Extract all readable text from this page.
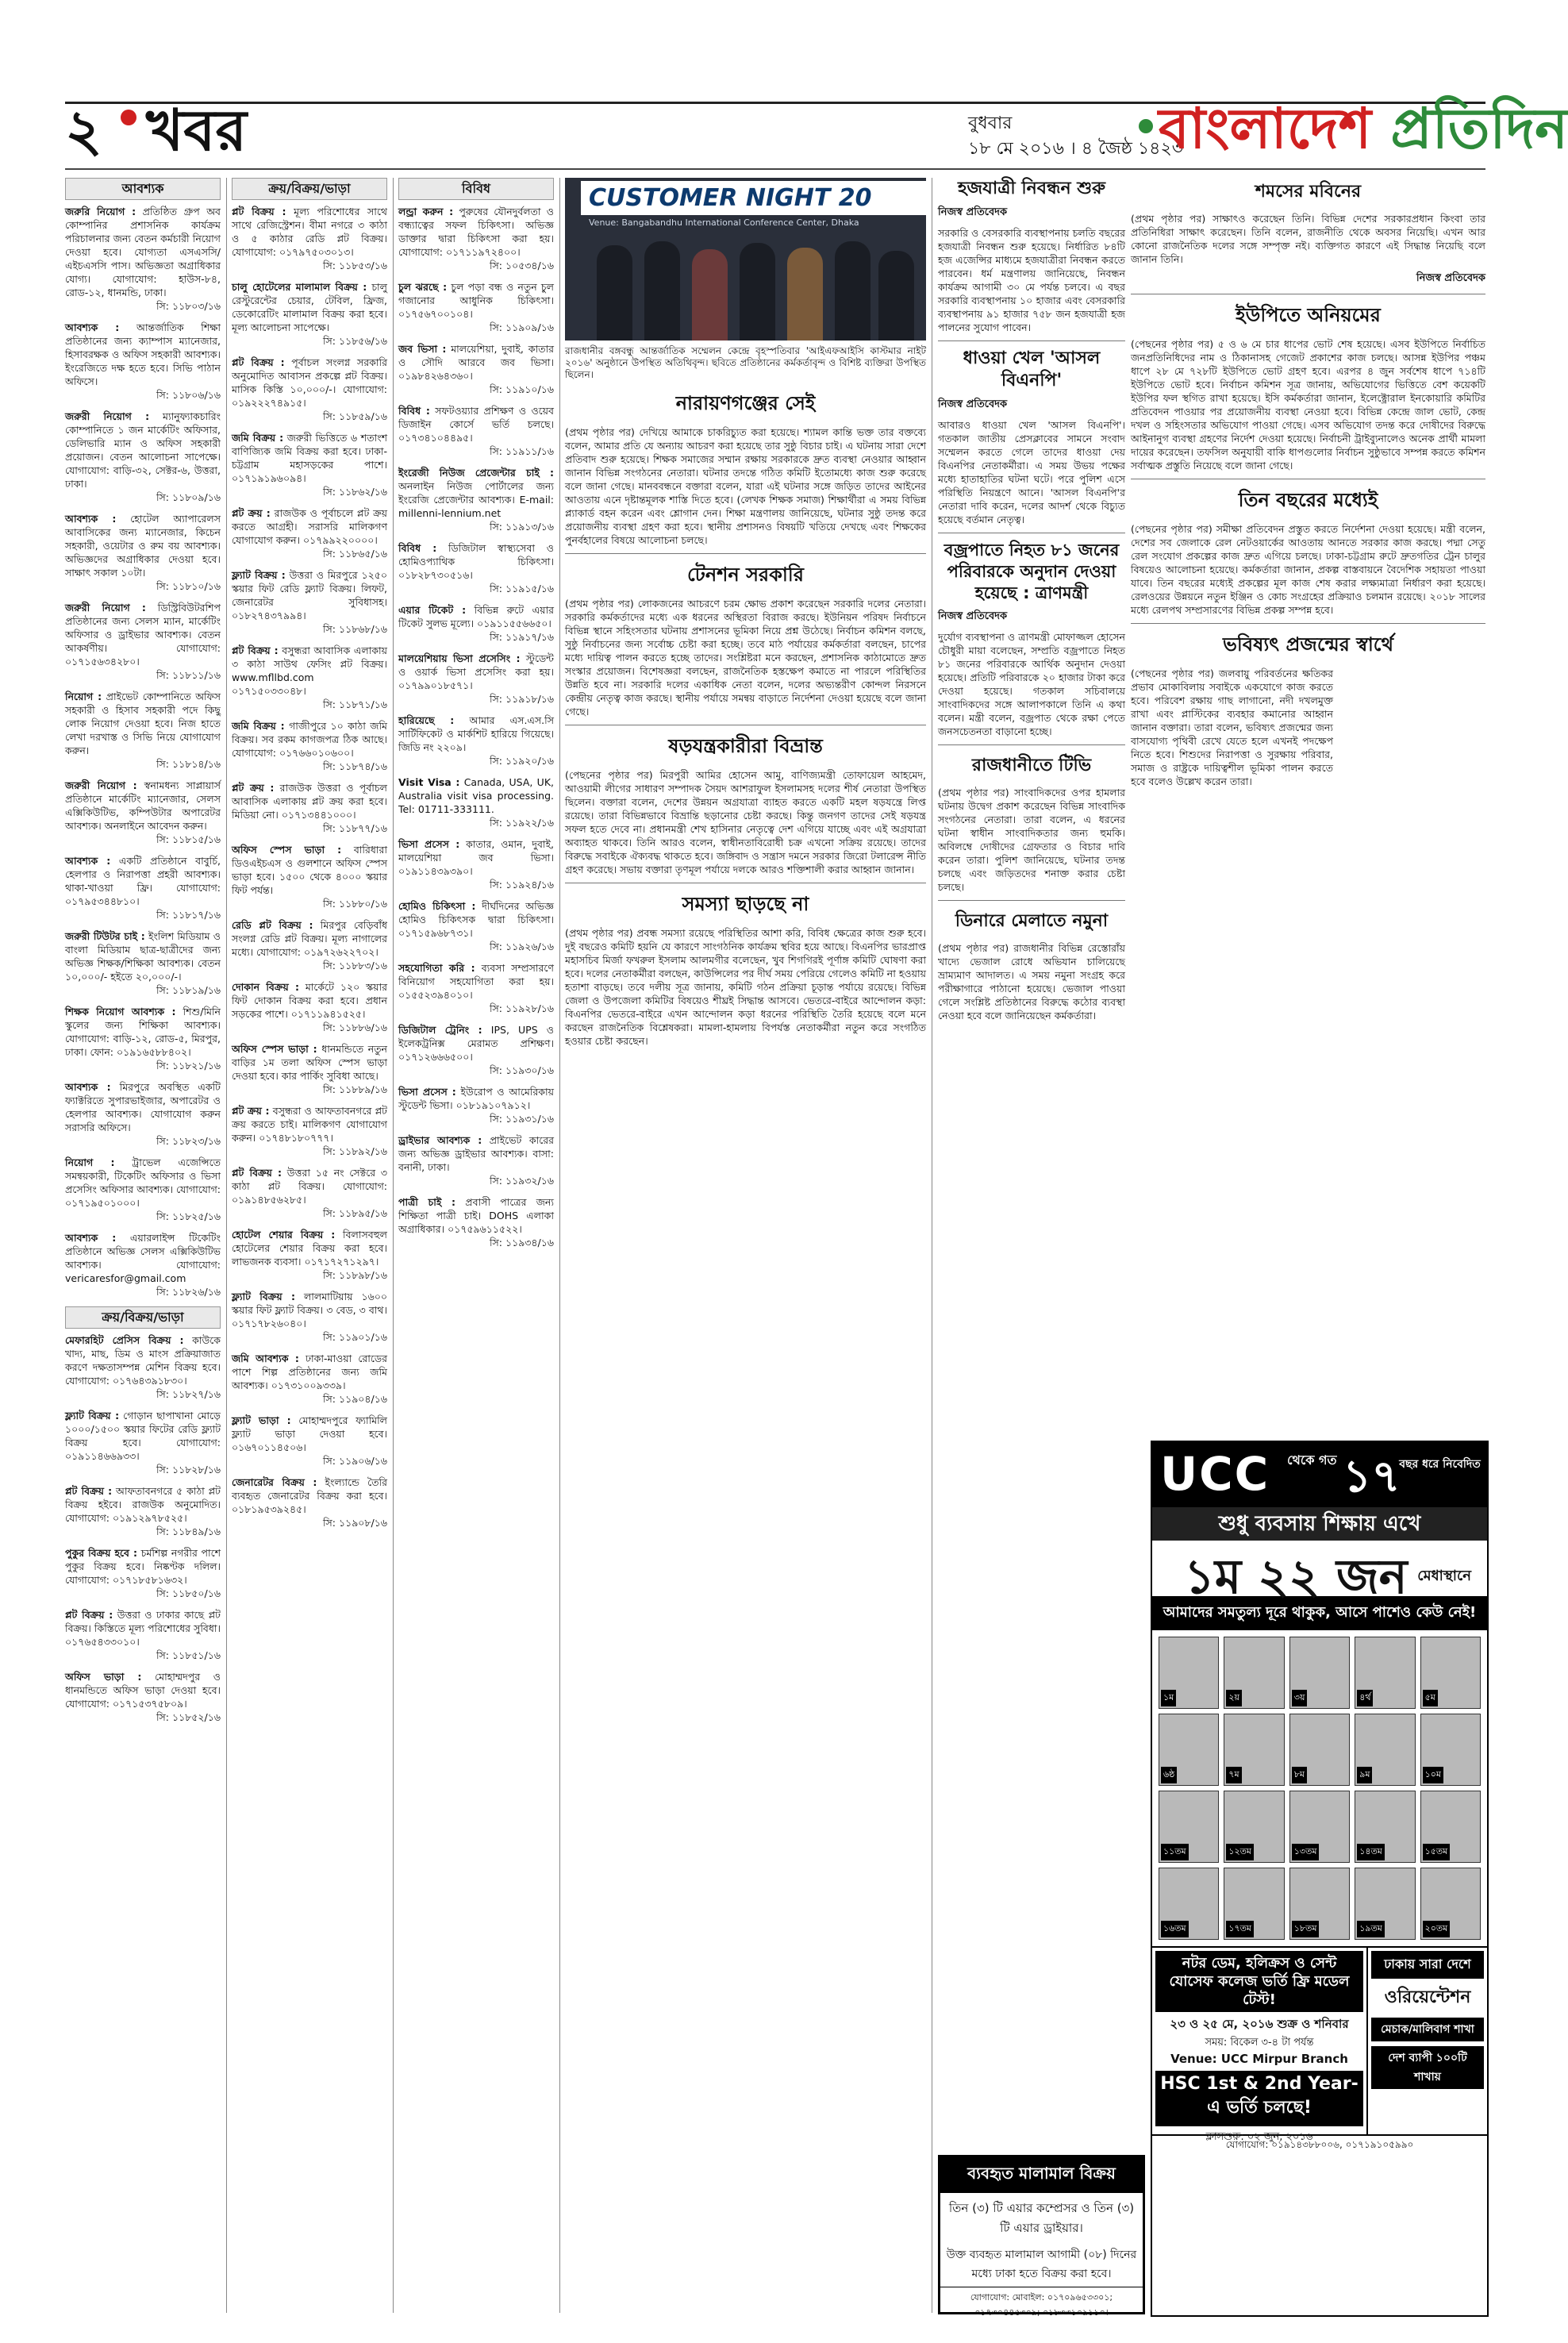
২ খবর	বুধবার
১৮ মে ২০১৬ । ৪ জৈষ্ঠ ১৪২৩
বাংলাদেশ প্রতিদিন
আবশ্যক
জরুরি নিয়োগ : প্রতিষ্ঠিত গ্রুপ অব কোম্পানির প্রশাসনিক কার্যক্রম পরিচালনার জন্য বেতন কর্মচারী নিয়োগ দেওয়া হবে। যোগ্যতা এসএসসি/এইচএসসি পাস। অভিজ্ঞতা অগ্রাধিকার যোগ্য। যোগাযোগ: হাউস-৮৪, রোড-১২, ধানমন্ডি, ঢাকা।
সি: ১১৮০৩/১৬
আবশ্যক : আন্তর্জাতিক শিক্ষা প্রতিষ্ঠানের জন্য ক্যাম্পাস ম্যানেজার, হিসাবরক্ষক ও অফিস সহকারী আবশ্যক। ইংরেজিতে দক্ষ হতে হবে। সিভি পাঠান অফিসে।
সি: ১১৮০৬/১৬
জরুরী নিয়োগ : ম্যানুফ্যাকচারিং কোম্পানিতে ১ জন মার্কেটিং অফিসার, ডেলিভারি ম্যান ও অফিস সহকারী প্রয়োজন। বেতন আলোচনা সাপেক্ষে। যোগাযোগ: বাড়ি-৩২, সেক্টর-৬, উত্তরা, ঢাকা।
সি: ১১৮০৯/১৬
আবশ্যক : হোটেল অ্যাপারেলস আবাসিকের জন্য ম্যানেজার, কিচেন সহকারী, ওয়েটার ও রুম বয় আবশ্যক। অভিজ্ঞদের অগ্রাধিকার দেওয়া হবে। সাক্ষাৎ সকাল ১০টা।
সি: ১১৮১০/১৬
জরুরী নিয়োগ : ডিস্ট্রিবিউটরশিপ প্রতিষ্ঠানের জন্য সেলস ম্যান, মার্কেটিং অফিসার ও ড্রাইভার আবশ্যক। বেতন আকর্ষণীয়। যোগাযোগ: ০১৭১৫৬৩৪২৮০।
সি: ১১৮১১/১৬
নিয়োগ : প্রাইভেট কোম্পানিতে অফিস সহকারী ও হিসাব সহকারী পদে কিছু লোক নিয়োগ দেওয়া হবে। নিজ হাতে লেখা দরখাস্ত ও সিভি নিয়ে যোগাযোগ করুন।
সি: ১১৮১৪/১৬
জরুরী নিয়োগ : স্বনামধন্য সাপ্লায়ার্স প্রতিষ্ঠানে মার্কেটিং ম্যানেজার, সেলস এক্সিকিউটিভ, কম্পিউটার অপারেটর আবশ্যক। অনলাইনে আবেদন করুন।
সি: ১১৮১৫/১৬
আবশ্যক : একটি প্রতিষ্ঠানে বাবুর্চি, হেলপার ও নিরাপত্তা প্রহরী আবশ্যক। থাকা-খাওয়া ফ্রি। যোগাযোগ: ০১৭৯৫৩৪৪৮১০।
সি: ১১৮১৭/১৬
জরুরী টিউটর চাই : ইংলিশ মিডিয়াম ও বাংলা মিডিয়াম ছাত্র-ছাত্রীদের জন্য অভিজ্ঞ শিক্ষক/শিক্ষিকা আবশ্যক। বেতন ১০,০০০/- হইতে ২০,০০০/-।
সি: ১১৮১৯/১৬
শিক্ষক নিয়োগ আবশ্যক : শিশু/মিনি স্কুলের জন্য শিক্ষিকা আবশ্যক। যোগাযোগ: বাড়ি-১২, রোড-৫, মিরপুর, ঢাকা। ফোন: ০১৯১৬৫৮৮৪০২।
সি: ১১৮২১/১৬
আবশ্যক : মিরপুরে অবস্থিত একটি ফ্যাক্টরিতে সুপারভাইজার, অপারেটর ও হেলপার আবশ্যক। যোগাযোগ করুন সরাসরি অফিসে।
সি: ১১৮২৩/১৬
নিয়োগ : ট্রাভেল এজেন্সিতে সমন্বয়কারী, টিকেটিং অফিসার ও ভিসা প্রসেসিং অফিসার আবশ্যক। যোগাযোগ: ০১৭১৯৫০১০০০।
সি: ১১৮২৫/১৬
আবশ্যক : এয়ারলাইন্স টিকেটিং প্রতিষ্ঠানে অভিজ্ঞ সেলস এক্সিকিউটিভ আবশ্যক। যোগাযোগ: vericaresfor@gmail.com
সি: ১১৮২৬/১৬
ক্রয়/বিক্রয়/ভাড়া
মেফারহিট প্রেসিস বিক্রয় : কাউকে খাদ্য, মাছ, ডিম ও মাংস প্রক্রিয়াজাত করণে দক্ষতাসম্পন্ন মেশিন বিক্রয় হবে। যোগাযোগ: ০১৭৬৪৩৯১৮৩০।
সি: ১১৮২৭/১৬
ফ্ল্যাট বিক্রয় : গোড়ান ছাপাখানা মোড়ে ১০০০/১৫০০ স্কয়ার ফিটের রেডি ফ্ল্যাট বিক্রয় হবে। যোগাযোগ: ০১৯১১৪৬৬৯৩৩।
সি: ১১৮২৮/১৬
প্লট বিক্রয় : আফতাবনগরে ৫ কাঠা প্লট বিক্রয় হইবে। রাজউক অনুমোদিত। যোগাযোগ: ০১৯১২৯৭৮৫২৫।
সি: ১১৮৪৯/১৬
পুকুর বিক্রয় হবে : চর্মশিল্প নগরীর পাশে পুকুর বিক্রয় হবে। নিষ্কণ্টক দলিল। যোগাযোগ: ০১৭১৮৫৮১৬৩২।
সি: ১১৮৫০/১৬
প্লট বিক্রয় : উত্তরা ও ঢাকার কাছে প্লট বিক্রয়। কিস্তিতে মূল্য পরিশোধের সুবিধা। ০১৭৬৫৪৩৩০১০।
সি: ১১৮৫১/১৬
অফিস ভাড়া : মোহাম্মদপুর ও ধানমন্ডিতে অফিস ভাড়া দেওয়া হবে। যোগাযোগ: ০১৭১৫৩৭৫৮০৯।
সি: ১১৮৫২/১৬
ক্রয়/বিক্রয়/ভাড়া
প্লট বিক্রয় : মূল্য পরিশোধের সাথে সাথে রেজিস্ট্রেশন। বীমা নগরে ৩ কাঠা ও ৫ কাঠার রেডি প্লট বিক্রয়। যোগাযোগ: ০১৭৯৭৫০৩০১৩।
সি: ১১৮৫৩/১৬
চালু হোটেলের মালামাল বিক্রয় : চালু রেস্টুরেন্টের চেয়ার, টেবিল, ফ্রিজ, ডেকোরেটিং মালামাল বিক্রয় করা হবে। মূল্য আলোচনা সাপেক্ষে।
সি: ১১৮৫৬/১৬
প্লট বিক্রয় : পূর্বাচল সংলগ্ন সরকারি অনুমোদিত আবাসন প্রকল্পে প্লট বিক্রয়। মাসিক কিস্তি ১০,০০০/-। যোগাযোগ: ০১৯২২২৭৪৯১৫।
সি: ১১৮৫৯/১৬
জমি বিক্রয় : জরুরী ভিত্তিতে ৬ শতাংশ বাণিজ্যিক জমি বিক্রয় করা হবে। ঢাকা-চট্টগ্রাম মহাসড়কের পাশে। ০১৭১৯১৯৬০৯৪।
সি: ১১৮৬২/১৬
প্লট ক্রয় : রাজউক ও পূর্বাচলে প্লট ক্রয় করতে আগ্রহী। সরাসরি মালিকগণ যোগাযোগ করুন। ০১৭৯৯২২০০০০।
সি: ১১৮৬৫/১৬
ফ্ল্যাট বিক্রয় : উত্তরা ও মিরপুরে ১২৫০ স্কয়ার ফিট রেডি ফ্ল্যাট বিক্রয়। লিফট, জেনারেটর সুবিধাসহ। ০১৮২৭৪৩৭৯৯৪।
সি: ১১৮৬৮/১৬
প্লট বিক্রয় : বসুন্ধরা আবাসিক এলাকায় ৩ কাঠা সাউথ ফেসিং প্লট বিক্রয়। www.mfllbd.com ০১৭১৫০৩৩০৪৮।
সি: ১১৮৭১/১৬
জমি বিক্রয় : গাজীপুরে ১০ কাঠা জমি বিক্রয়। সব রকম কাগজপত্র ঠিক আছে। যোগাযোগ: ০১৭৬৬০১০৬০০।
সি: ১১৮৭৪/১৬
প্লট ক্রয় : রাজউক উত্তরা ও পূর্বাচল আবাসিক এলাকায় প্লট ক্রয় করা হবে। মিডিয়া নো। ০১৭১৩৪৪১০০০।
সি: ১১৮৭৭/১৬
অফিস স্পেস ভাড়া : বারিধারা ডিওএইচএস ও গুলশানে অফিস স্পেস ভাড়া হবে। ১৫০০ থেকে ৪০০০ স্কয়ার ফিট পর্যন্ত।
সি: ১১৮৮০/১৬
রেডি প্লট বিক্রয় : মিরপুর বেড়িবাঁধ সংলগ্ন রেডি প্লট বিক্রয়। মূল্য নাগালের মধ্যে। যোগাযোগ: ০১৯৭২৬২২৭০২।
সি: ১১৮৮৩/১৬
দোকান বিক্রয় : মার্কেটে ১২০ স্কয়ার ফিট দোকান বিক্রয় করা হবে। প্রধান সড়কের পাশে। ০১৭১১৯৪১৫২৫।
সি: ১১৮৮৬/১৬
অফিস স্পেস ভাড়া : ধানমন্ডিতে নতুন বাড়ির ১ম তলা অফিস স্পেস ভাড়া দেওয়া হবে। কার পার্কিং সুবিধা আছে।
সি: ১১৮৮৯/১৬
প্লট ক্রয় : বসুন্ধরা ও আফতাবনগরে প্লট ক্রয় করতে চাই। মালিকগণ যোগাযোগ করুন। ০১৭৪৮১৮০৭৭৭।
সি: ১১৮৯২/১৬
প্লট বিক্রয় : উত্তরা ১৫ নং সেক্টরে ৩ কাঠা প্লট বিক্রয়। যোগাযোগ: ০১৯১৪৮৫৬২৮৫।
সি: ১১৮৯৫/১৬
হোটেল শেয়ার বিক্রয় : বিলাসবহুল হোটেলের শেয়ার বিক্রয় করা হবে। লাভজনক ব্যবসা। ০১৭১৭২৭১২৯৭।
সি: ১১৮৯৮/১৬
ফ্ল্যাট বিক্রয় : লালমাটিয়ায় ১৬০০ স্কয়ার ফিট ফ্ল্যাট বিক্রয়। ৩ বেড, ৩ বাথ। ০১৭১৭৮২৬০৪০।
সি: ১১৯০১/১৬
জমি আবশ্যক : ঢাকা-মাওয়া রোডের পাশে শিল্প প্রতিষ্ঠানের জন্য জমি আবশ্যক। ০১৭৩১০০৯৩৩৯।
সি: ১১৯০৪/১৬
ফ্ল্যাট ভাড়া : মোহাম্মদপুরে ফ্যামিলি ফ্ল্যাট ভাড়া দেওয়া হবে। ০১৬৭০১১৪৫০৬।
সি: ১১৯০৬/১৬
জেনারেটর বিক্রয় : ইংল্যান্ডে তৈরি ব্যবহৃত জেনারেটর বিক্রয় করা হবে। ০১৮১৯৫৩৯২৪৫।
সি: ১১৯০৮/১৬
বিবিধ
লন্ড্রা করুন : পুরুষের যৌনদুর্বলতা ও বন্ধ্যাত্বের সফল চিকিৎসা। অভিজ্ঞ ডাক্তার দ্বারা চিকিৎসা করা হয়। যোগাযোগ: ০১৭১১৯৭২৪০০।
সি: ১০৫৩৪/১৬
চুল ঝরছে : চুল পড়া বন্ধ ও নতুন চুল গজানোর আধুনিক চিকিৎসা। ০১৭৫৬৭০০১০৪।
সি: ১১৯০৯/১৬
জব ভিসা : মালয়েশিয়া, দুবাই, কাতার ও সৌদি আরবে জব ভিসা। ০১৯৮৪২৬৪৩৬০।
সি: ১১৯১০/১৬
বিবিধ : সফটওয়্যার প্রশিক্ষণ ও ওয়েব ডিজাইন কোর্সে ভর্তি চলছে। ০১৭৩৪১০৪৪৯৫।
সি: ১১৯১১/১৬
ইংরেজী নিউজ প্রেজেন্টার চাই : অনলাইন নিউজ পোর্টালের জন্য ইংরেজি প্রেজেন্টার আবশ্যক। E-mail: millenni-lennium.net
সি: ১১৯১৩/১৬
বিবিধ : ডিজিটাল স্বাস্থ্যসেবা ও হোমিওপ্যাথিক চিকিৎসা। ০১৮২৮৭৩০৫১৬।
সি: ১১৯১৫/১৬
এয়ার টিকেট : বিভিন্ন রুটে এয়ার টিকেট সুলভ মূল্যে। ০১৯১১৫৫৬৬৫০।
সি: ১১৯১৭/১৬
মালয়েশিয়ায় ভিসা প্রসেসিং : স্টুডেন্ট ও ওয়ার্ক ভিসা প্রসেসিং করা হয়। ০১৭৯৯০১৮৫৭১।
সি: ১১৯১৮/১৬
হারিয়েছে : আমার এস.এস.সি সার্টিফিকেট ও মার্কশিট হারিয়ে গিয়েছে। জিডি নং ২২০৯।
সি: ১১৯২০/১৬
Visit Visa : Canada, USA, UK, Australia visit visa processing. Tel: 01711-333111.
সি: ১১৯২২/১৬
ভিসা প্রসেস : কাতার, ওমান, দুবাই, মালয়েশিয়া জব ভিসা। ০১৯১১৪৩৯৩৯০।
সি: ১১৯২৪/১৬
হোমিও চিকিৎসা : দীর্ঘদিনের অভিজ্ঞ হোমিও চিকিৎসক দ্বারা চিকিৎসা। ০১৭১৫৯৬৮৭৩১।
সি: ১১৯২৬/১৬
সহযোগিতা করি : ব্যবসা সম্প্রসারণে বিনিয়োগ সহযোগিতা করা হয়। ০১৫৫২৩৯৪০১০।
সি: ১১৯২৮/১৬
ডিজিটাল ট্রেনিং : IPS, UPS ও ইলেকট্রনিক্স মেরামত প্রশিক্ষণ। ০১৭১২৬৬৬৫০০।
সি: ১১৯৩০/১৬
ভিসা প্রসেস : ইউরোপ ও আমেরিকায় স্টুডেন্ট ভিসা। ০১৮১৯১০৭৯১২।
সি: ১১৯৩১/১৬
ড্রাইভার আবশ্যক : প্রাইভেট কারের জন্য অভিজ্ঞ ড্রাইভার আবশ্যক। বাসা: বনানী, ঢাকা।
সি: ১১৯৩২/১৬
পাত্রী চাই : প্রবাসী পাত্রের জন্য শিক্ষিতা পাত্রী চাই। DOHS এলাকা অগ্রাধিকার। ০১৭৫৯৬১১৫২২।
সি: ১১৯৩৪/১৬
CUSTOMER NIGHT 20
Venue: Bangabandhu International Conference Center, Dhaka
রাজধানীর বঙ্গবন্ধু আন্তর্জাতিক সম্মেলন কেন্দ্রে বৃহস্পতিবার 'আইএফআইসি কাস্টমার নাইট ২০১৬' অনুষ্ঠানে উপস্থিত অতিথিবৃন্দ। ছবিতে প্রতিষ্ঠানের কর্মকর্তাবৃন্দ ও বিশিষ্ট ব্যক্তিরা উপস্থিত ছিলেন।
নারায়ণগঞ্জের সেই
(প্রথম পৃষ্ঠার পর) দেখিয়ে আমাকে চাকরিচ্যুত করা হয়েছে। শ্যামল কান্তি ভক্ত তার বক্তব্যে বলেন, আমার প্রতি যে অন্যায় আচরণ করা হয়েছে তার সুষ্ঠু বিচার চাই। এ ঘটনায় সারা দেশে প্রতিবাদ শুরু হয়েছে। শিক্ষক সমাজের সম্মান রক্ষায় সরকারকে দ্রুত ব্যবস্থা নেওয়ার আহ্বান জানান বিভিন্ন সংগঠনের নেতারা। ঘটনার তদন্তে গঠিত কমিটি ইতোমধ্যে কাজ শুরু করেছে বলে জানা গেছে। মানববন্ধনে বক্তারা বলেন, যারা এই ঘটনার সঙ্গে জড়িত তাদের আইনের আওতায় এনে দৃষ্টান্তমূলক শাস্তি দিতে হবে। (লেখক শিক্ষক সমাজ) শিক্ষার্থীরা এ সময় বিভিন্ন প্ল্যাকার্ড বহন করেন এবং শ্লোগান দেন। শিক্ষা মন্ত্রণালয় জানিয়েছে, ঘটনার সুষ্ঠু তদন্ত করে প্রয়োজনীয় ব্যবস্থা গ্রহণ করা হবে। স্থানীয় প্রশাসনও বিষয়টি খতিয়ে দেখছে এবং শিক্ষকের পুনর্বহালের বিষয়ে আলোচনা চলছে।
টেনশন সরকারি
(প্রথম পৃষ্ঠার পর) লোকজনের আচরণে চরম ক্ষোভ প্রকাশ করেছেন সরকারি দলের নেতারা। সরকারি কর্মকর্তাদের মধ্যে এক ধরনের অস্থিরতা বিরাজ করছে। ইউনিয়ন পরিষদ নির্বাচনে বিভিন্ন স্থানে সহিংসতার ঘটনায় প্রশাসনের ভূমিকা নিয়ে প্রশ্ন উঠেছে। নির্বাচন কমিশন বলছে, সুষ্ঠু নির্বাচনের জন্য সর্বোচ্চ চেষ্টা করা হচ্ছে। তবে মাঠ পর্যায়ের কর্মকর্তারা বলছেন, চাপের মধ্যে দায়িত্ব পালন করতে হচ্ছে তাদের। সংশ্লিষ্টরা মনে করছেন, প্রশাসনিক কাঠামোতে দ্রুত সংস্কার প্রয়োজন। বিশেষজ্ঞরা বলছেন, রাজনৈতিক হস্তক্ষেপ কমাতে না পারলে পরিস্থিতির উন্নতি হবে না। সরকারি দলের একাধিক নেতা বলেন, দলের অভ্যন্তরীণ কোন্দল নিরসনে কেন্দ্রীয় নেতৃত্ব কাজ করছে। স্থানীয় পর্যায়ে সমন্বয় বাড়াতে নির্দেশনা দেওয়া হয়েছে বলে জানা গেছে।
ষড়যন্ত্রকারীরা বিভ্রান্ত
(পেছনের পৃষ্ঠার পর) মিরপুরী আমির হোসেন আমু, বাণিজ্যমন্ত্রী তোফায়েল আহমেদ, আওয়ামী লীগের সাধারণ সম্পাদক সৈয়দ আশরাফুল ইসলামসহ দলের শীর্ষ নেতারা উপস্থিত ছিলেন। বক্তারা বলেন, দেশের উন্নয়ন অগ্রযাত্রা ব্যাহত করতে একটি মহল ষড়যন্ত্রে লিপ্ত রয়েছে। তারা বিভিন্নভাবে বিভ্রান্তি ছড়ানোর চেষ্টা করছে। কিন্তু জনগণ তাদের সেই ষড়যন্ত্র সফল হতে দেবে না। প্রধানমন্ত্রী শেখ হাসিনার নেতৃত্বে দেশ এগিয়ে যাচ্ছে এবং এই অগ্রযাত্রা অব্যাহত থাকবে। তিনি আরও বলেন, স্বাধীনতাবিরোধী চক্র এখনো সক্রিয় রয়েছে। তাদের বিরুদ্ধে সবাইকে ঐক্যবদ্ধ থাকতে হবে। জঙ্গিবাদ ও সন্ত্রাস দমনে সরকার জিরো টলারেন্স নীতি গ্রহণ করেছে। সভায় বক্তারা তৃণমূল পর্যায়ে দলকে আরও শক্তিশালী করার আহ্বান জানান।
সমস্যা ছাড়ছে না
(প্রথম পৃষ্ঠার পর) প্রবন্ধ সমস্যা রয়েছে পরিস্থিতির আশা করি, বিবিধ ক্ষেত্রের কাজ শুরু হবে। দুই বছরেও কমিটি হয়নি যে কারণে সাংগঠনিক কার্যক্রম স্থবির হয়ে আছে। বিএনপির ভারপ্রাপ্ত মহাসচিব মির্জা ফখরুল ইসলাম আলমগীর বলেছেন, খুব শিগগিরই পূর্ণাঙ্গ কমিটি ঘোষণা করা হবে। দলের নেতাকর্মীরা বলছেন, কাউন্সিলের পর দীর্ঘ সময় পেরিয়ে গেলেও কমিটি না হওয়ায় হতাশা বাড়ছে। তবে দলীয় সূত্র জানায়, কমিটি গঠন প্রক্রিয়া চূড়ান্ত পর্যায়ে রয়েছে। বিভিন্ন জেলা ও উপজেলা কমিটির বিষয়েও শীঘ্রই সিদ্ধান্ত আসবে। ভেতরে-বাইরে আন্দোলন কড়া: বিএনপির ভেতরে-বাইরে এখন আন্দোলন কড়া ধরনের পরিস্থিতি তৈরি হয়েছে বলে মনে করছেন রাজনৈতিক বিশ্লেষকরা। মামলা-হামলায় বিপর্যস্ত নেতাকর্মীরা নতুন করে সংগঠিত হওয়ার চেষ্টা করছেন।
হজযাত্রী নিবন্ধন শুরু
নিজস্ব প্রতিবেদক
সরকারি ও বেসরকারি ব্যবস্থাপনায় চলতি বছরের হজযাত্রী নিবন্ধন শুরু হয়েছে। নির্ধারিত ৮৪টি হজ এজেন্সির মাধ্যমে হজযাত্রীরা নিবন্ধন করতে পারবেন। ধর্ম মন্ত্রণালয় জানিয়েছে, নিবন্ধন কার্যক্রম আগামী ৩০ মে পর্যন্ত চলবে। এ বছর সরকারি ব্যবস্থাপনায় ১০ হাজার এবং বেসরকারি ব্যবস্থাপনায় ৯১ হাজার ৭৫৮ জন হজযাত্রী হজ পালনের সুযোগ পাবেন।
ধাওয়া খেল 'আসল বিএনপি'
নিজস্ব প্রতিবেদক
আবারও ধাওয়া খেল 'আসল বিএনপি'। গতকাল জাতীয় প্রেসক্লাবের সামনে সংবাদ সম্মেলন করতে গেলে তাদের ধাওয়া দেয় বিএনপির নেতাকর্মীরা। এ সময় উভয় পক্ষের মধ্যে হাতাহাতির ঘটনা ঘটে। পরে পুলিশ এসে পরিস্থিতি নিয়ন্ত্রণে আনে। 'আসল বিএনপি'র নেতারা দাবি করেন, দলের আদর্শ থেকে বিচ্যুত হয়েছে বর্তমান নেতৃত্ব।
বজ্রপাতে নিহত ৮১ জনের পরিবারকে অনুদান দেওয়া হয়েছে : ত্রাণমন্ত্রী
নিজস্ব প্রতিবেদক
দুর্যোগ ব্যবস্থাপনা ও ত্রাণমন্ত্রী মোফাজ্জল হোসেন চৌধুরী মায়া বলেছেন, সম্প্রতি বজ্রপাতে নিহত ৮১ জনের পরিবারকে আর্থিক অনুদান দেওয়া হয়েছে। প্রতিটি পরিবারকে ২০ হাজার টাকা করে দেওয়া হয়েছে। গতকাল সচিবালয়ে সাংবাদিকদের সঙ্গে আলাপকালে তিনি এ কথা বলেন। মন্ত্রী বলেন, বজ্রপাত থেকে রক্ষা পেতে জনসচেতনতা বাড়ানো হচ্ছে।
রাজধানীতে টিভি
(প্রথম পৃষ্ঠার পর) সাংবাদিকদের ওপর হামলার ঘটনায় উদ্বেগ প্রকাশ করেছেন বিভিন্ন সাংবাদিক সংগঠনের নেতারা। তারা বলেন, এ ধরনের ঘটনা স্বাধীন সাংবাদিকতার জন্য হুমকি। অবিলম্বে দোষীদের গ্রেফতার ও বিচার দাবি করেন তারা। পুলিশ জানিয়েছে, ঘটনার তদন্ত চলছে এবং জড়িতদের শনাক্ত করার চেষ্টা চলছে।
ডিনারে মেলাতে নমুনা
(প্রথম পৃষ্ঠার পর) রাজধানীর বিভিন্ন রেস্তোরাঁয় খাদ্যে ভেজাল রোধে অভিযান চালিয়েছে ভ্রাম্যমাণ আদালত। এ সময় নমুনা সংগ্রহ করে পরীক্ষাগারে পাঠানো হয়েছে। ভেজাল পাওয়া গেলে সংশ্লিষ্ট প্রতিষ্ঠানের বিরুদ্ধে কঠোর ব্যবস্থা নেওয়া হবে বলে জানিয়েছেন কর্মকর্তারা।
শমসের মবিনের
(প্রথম পৃষ্ঠার পর) সাক্ষাৎও করেছেন তিনি। বিভিন্ন দেশের সরকারপ্রধান কিংবা তার প্রতিনিধিরা সাক্ষাৎ করেছেন। তিনি বলেন, রাজনীতি থেকে অবসর নিয়েছি। এখন আর কোনো রাজনৈতিক দলের সঙ্গে সম্পৃক্ত নই। ব্যক্তিগত কারণে এই সিদ্ধান্ত নিয়েছি বলে জানান তিনি।
নিজস্ব প্রতিবেদক
ইউপিতে অনিয়মের
(পেছনের পৃষ্ঠার পর) ৫ ও ৬ মে চার ধাপের ভোট শেষ হয়েছে। এসব ইউপিতে নির্বাচিত জনপ্রতিনিধিদের নাম ও ঠিকানাসহ গেজেট প্রকাশের কাজ চলছে। আসন্ন ইউপির পঞ্চম ধাপে ২৮ মে ৭২৮টি ইউপিতে ভোট গ্রহণ হবে। এরপর ৪ জুন সর্বশেষ ধাপে ৭১৪টি ইউপিতে ভোট হবে। নির্বাচন কমিশন সূত্র জানায়, অভিযোগের ভিত্তিতে বেশ কয়েকটি ইউপির ফল স্থগিত রাখা হয়েছে। ইসি কর্মকর্তারা জানান, ইলেক্ট্রোরাল ইনকোয়ারি কমিটির প্রতিবেদন পাওয়ার পর প্রয়োজনীয় ব্যবস্থা নেওয়া হবে। বিভিন্ন কেন্দ্রে জাল ভোট, কেন্দ্র দখল ও সহিংসতার অভিযোগ পাওয়া গেছে। এসব অভিযোগ তদন্ত করে দোষীদের বিরুদ্ধে আইনানুগ ব্যবস্থা গ্রহণের নির্দেশ দেওয়া হয়েছে। নির্বাচনী ট্রাইব্যুনালেও অনেক প্রার্থী মামলা দায়ের করেছেন। তফসিল অনুযায়ী বাকি ধাপগুলোর নির্বাচন সুষ্ঠুভাবে সম্পন্ন করতে কমিশন সর্বাত্মক প্রস্তুতি নিয়েছে বলে জানা গেছে।
তিন বছরের মধ্যেই
(পেছনের পৃষ্ঠার পর) সমীক্ষা প্রতিবেদন প্রস্তুত করতে নির্দেশনা দেওয়া হয়েছে। মন্ত্রী বলেন, দেশের সব জেলাকে রেল নেটওয়ার্কের আওতায় আনতে সরকার কাজ করছে। পদ্মা সেতু রেল সংযোগ প্রকল্পের কাজ দ্রুত এগিয়ে চলছে। ঢাকা-চট্টগ্রাম রুটে দ্রুতগতির ট্রেন চালুর বিষয়েও আলোচনা হয়েছে। কর্মকর্তারা জানান, প্রকল্প বাস্তবায়নে বৈদেশিক সহায়তা পাওয়া যাবে। তিন বছরের মধ্যেই প্রকল্পের মূল কাজ শেষ করার লক্ষ্যমাত্রা নির্ধারণ করা হয়েছে। রেলওয়ের উন্নয়নে নতুন ইঞ্জিন ও কোচ সংগ্রহের প্রক্রিয়াও চলমান রয়েছে। ২০১৮ সালের মধ্যে রেলপথ সম্প্রসারণের বিভিন্ন প্রকল্প সম্পন্ন হবে।
ভবিষ্যৎ প্রজন্মের স্বার্থে
(পেছনের পৃষ্ঠার পর) জলবায়ু পরিবর্তনের ক্ষতিকর প্রভাব মোকাবিলায় সবাইকে একযোগে কাজ করতে হবে। পরিবেশ রক্ষায় গাছ লাগানো, নদী দখলমুক্ত রাখা এবং প্লাস্টিকের ব্যবহার কমানোর আহ্বান জানান বক্তারা। তারা বলেন, ভবিষ্যৎ প্রজন্মের জন্য বাসযোগ্য পৃথিবী রেখে যেতে হলে এখনই পদক্ষেপ নিতে হবে। শিশুদের নিরাপত্তা ও সুরক্ষায় পরিবার, সমাজ ও রাষ্ট্রকে দায়িত্বশীল ভূমিকা পালন করতে হবে বলেও উল্লেখ করেন তারা।
UCC থেকে গত ১৭
বছর ধরে নিবেদিত
শুধু ব্যবসায় শিক্ষায় এখে
১ম ২২ জন মেধাস্থানে
আমাদের সমতুল্য দূরে থাকুক, আসে পাশেও কেউ নেই!
১ম	২য়	৩য়	৪র্থ	৫ম
৬ষ্ঠ	৭ম	৮ম	৯ম	১০ম
১১তম	১২তম	১৩তম	১৪তম	১৫তম
১৬তম	১৭তম	১৮তম	১৯তম	২০তম
নটর ডেম, হলিক্রস ও সেন্ট যোসেফ কলেজ ভর্তি ফ্রি মডেল টেস্ট!
২৩ ও ২৫ মে, ২০১৬ শুক্র ও শনিবার
সময়: বিকেল ৩-৪ টা পর্যন্ত
Venue: UCC Mirpur Branch
HSC 1st & 2nd Year-এ ভর্তি চলছে!
ক্লাসশুরু: ০২ জুন, ২০১৬
ঢাকায় সারা দেশে
ওরিয়েন্টেশন
মেচাক/মালিবাগ শাখা
দেশ ব্যাপী ১০০টি শাখায়
যোগাযোগ: ০১৯১৪৩৮৮০০৬, ০১৭১৯১০৫৯৯০
ব্যবহৃত মালামাল বিক্রয়
তিন (৩) টি এয়ার কম্প্রেসর ও তিন (৩) টি এয়ার ড্রাইয়ার।
উক্ত ব্যবহৃত মালামাল আগামী (০৮) দিনের মধ্যে ঢাকা হতে বিক্রয় করা হবে।
যোগাযোগ: মোবাইল: ০১৭০৯৬৫৩৩০১; ০১৭৩০৪৪৫৩০৯; ০১৮৩৩১০৯১১০।
